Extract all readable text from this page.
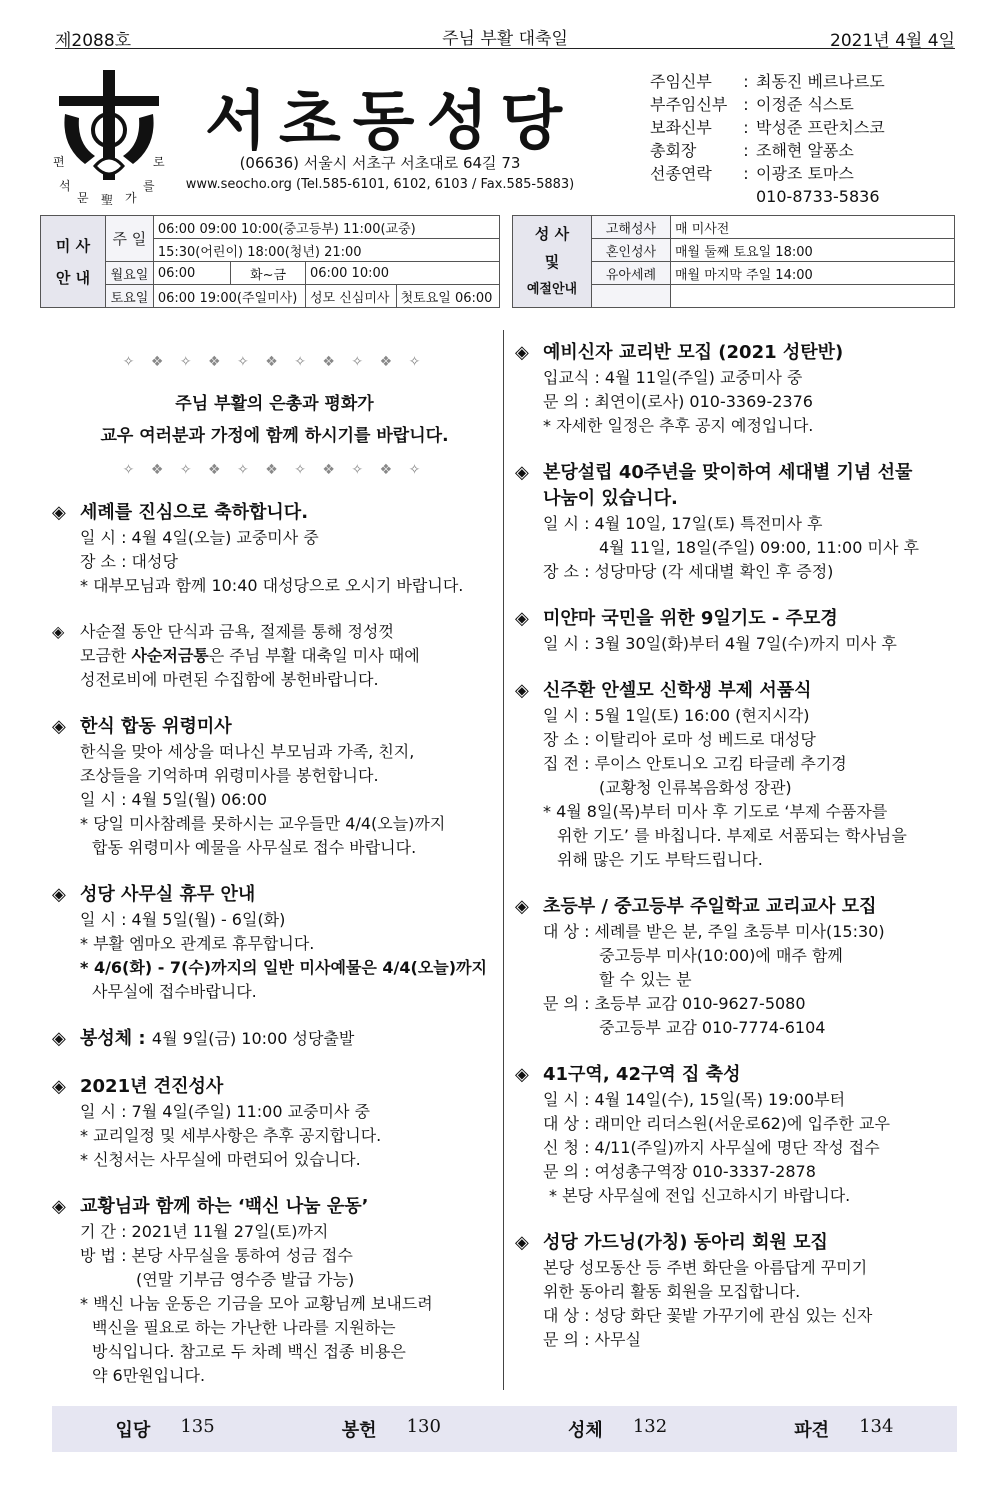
제2088호	주님 부활 대축일	2021년 4월 4일
편	로
석	를
문 聖 가
서초동성당
(06636) 서울시 서초구 서초대로 64길 73
www.seocho.org (Tel.585-6101, 6102, 6103 / Fax.585-5883)
주임신부	: 최동진 베르나르도
부주임신부	: 이정준 식스토
보좌신부	: 박성준 프란치스코
총회장	: 조해현 알퐁소
선종연락	: 이광조 토마스
010-8733-5836
미 사
안 내	주 일	06:00 09:00 10:00(중고등부) 11:00(교중)			
		15:30(어린이) 18:00(청년) 21:00			
	월요일	06:00	화~금	06:00 10:00	
	토요일	06:00 19:00(주일미사)		성모 신심미사	첫토요일 06:00
성 사
및
예절안내	고해성사	매 미사전
	혼인성사	매월 둘째 토요일 18:00
	유아세례	매월 마지막 주일 14:00

✧ ❖ ✧ ❖ ✧ ❖ ✧ ❖ ✧ ❖ ✧
주님 부활의 은총과 평화가
교우 여러분과 가정에 함께 하시기를 바랍니다.
✧ ❖ ✧ ❖ ✧ ❖ ✧ ❖ ✧ ❖ ✧
◈ 세례를 진심으로 축하합니다.

일 시 : 4월 4일(오늘) 교중미사 중

장 소 : 대성당

* 대부모님과 함께 10:40 대성당으로 오시기 바랍니다.

◈ 사순절 동안 단식과 금욕, 절제를 통해 정성껏

모금한 사순저금통은 주님 부활 대축일 미사 때에

성전로비에 마련된 수집함에 봉헌바랍니다.

◈ 한식 합동 위령미사

한식을 맞아 세상을 떠나신 부모님과 가족, 친지,

조상들을 기억하며 위령미사를 봉헌합니다.

일 시 : 4월 5일(월) 06:00

* 당일 미사참례를 못하시는 교우들만 4/4(오늘)까지

합동 위령미사 예물을 사무실로 접수 바랍니다.

◈ 성당 사무실 휴무 안내

일 시 : 4월 5일(월) - 6일(화)

* 부활 엠마오 관계로 휴무합니다.

* 4/6(화) - 7(수)까지의 일반 미사예물은 4/4(오늘)까지

사무실에 접수바랍니다.

◈ 봉성체 :
4월 9일(금) 10:00 성당출발
◈ 2021년 견진성사

일 시 : 7월 4일(주일) 11:00 교중미사 중

* 교리일정 및 세부사항은 추후 공지합니다.

* 신청서는 사무실에 마련되어 있습니다.

◈ 교황님과 함께 하는 ‘백신 나눔 운동’

기 간 : 2021년 11월 27일(토)까지

방 법 : 본당 사무실을 통하여 성금 접수

(연말 기부금 영수증 발급 가능)

* 백신 나눔 운동은 기금을 모아 교황님께 보내드려

백신을 필요로 하는 가난한 나라를 지원하는

방식입니다. 참고로 두 차례 백신 접종 비용은

약 6만원입니다.

◈ 예비신자 교리반 모집 (2021 성탄반)

입교식 : 4월 11일(주일) 교중미사 중

문 의 : 최연이(로사) 010-3369-2376

* 자세한 일정은 추후 공지 예정입니다.

◈ 본당설립 40주년을 맞이하여 세대별 기념 선물
나눔이 있습니다.

일 시 : 4월 10일, 17일(토) 특전미사 후

4월 11일, 18일(주일) 09:00, 11:00 미사 후

장 소 : 성당마당 (각 세대별 확인 후 증정)

◈ 미얀마 국민을 위한 9일기도 - 주모경

일 시 : 3월 30일(화)부터 4월 7일(수)까지 미사 후

◈ 신주환 안셀모 신학생 부제 서품식

일 시 : 5월 1일(토) 16:00 (현지시각)

장 소 : 이탈리아 로마 성 베드로 대성당

집 전 : 루이스 안토니오 고킴 타글레 추기경

(교황청 인류복음화성 장관)

* 4월 8일(목)부터 미사 후 기도로 ‘부제 수품자를

위한 기도’ 를 바칩니다. 부제로 서품되는 학사님을

위해 많은 기도 부탁드립니다.

◈ 초등부 / 중고등부 주일학교 교리교사 모집

대 상 : 세례를 받은 분, 주일 초등부 미사(15:30)

중고등부 미사(10:00)에 매주 함께

할 수 있는 분

문 의 : 초등부 교감 010-9627-5080

중고등부 교감 010-7774-6104

◈ 41구역, 42구역 집 축성

일 시 : 4월 14일(수), 15일(목) 19:00부터

대 상 : 래미안 리더스원(서운로62)에 입주한 교우

신 청 : 4/11(주일)까지 사무실에 명단 작성 접수

문 의 : 여성총구역장 010-3337-2878

* 본당 사무실에 전입 신고하시기 바랍니다.

◈ 성당 가드닝(가칭) 동아리 회원 모집

본당 성모동산 등 주변 화단을 아름답게 꾸미기

위한 동아리 활동 회원을 모집합니다.

대 상 : 성당 화단 꽃밭 가꾸기에 관심 있는 신자

문 의 : 사무실

입당 135	봉헌 130	성체 132	파견 134
